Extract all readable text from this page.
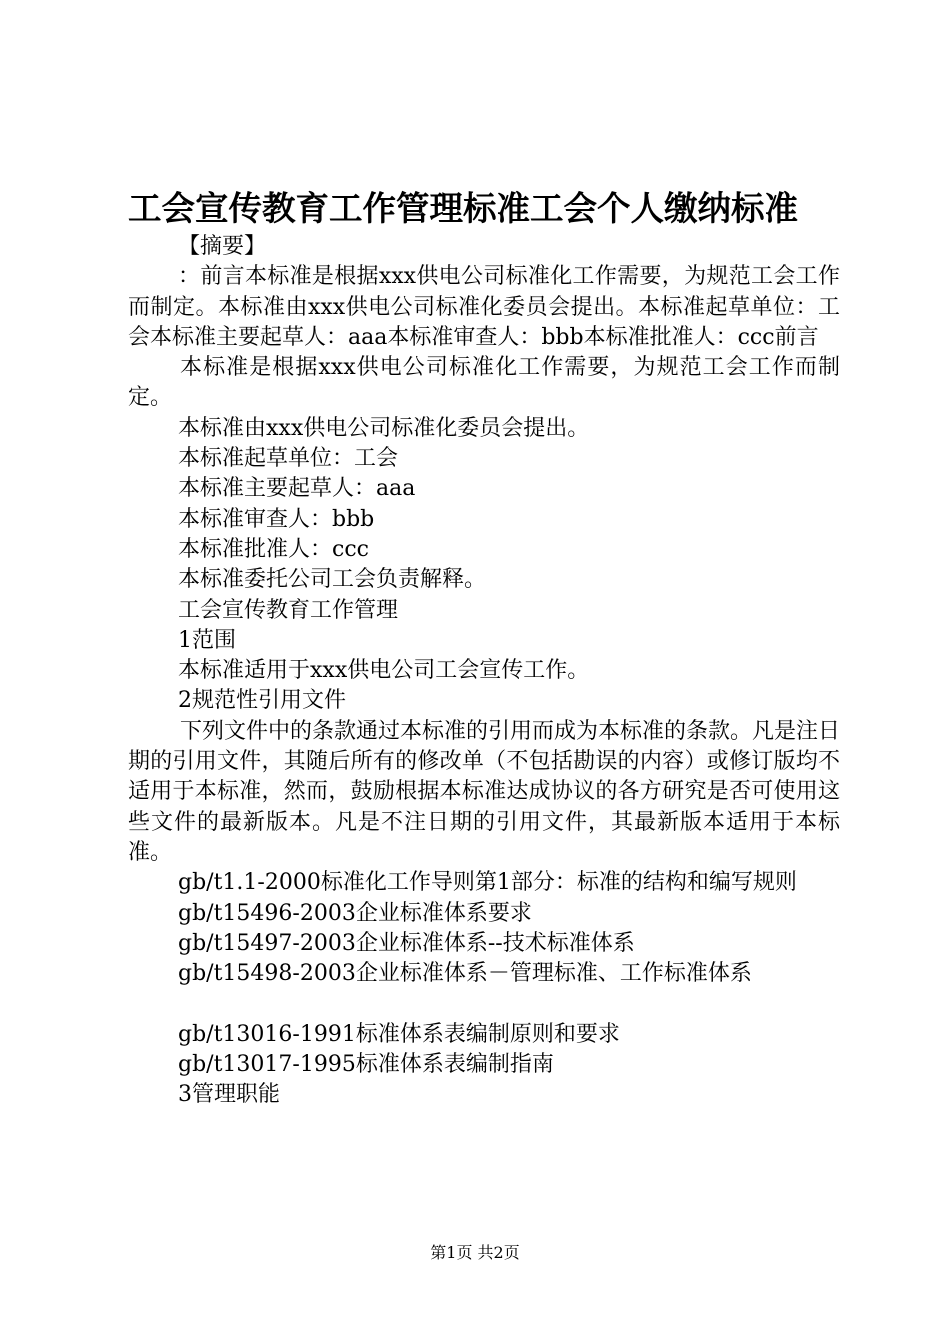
工会宣传教育工作管理标准工会个人缴纳标准

【摘要】

：前言本标准是根据xxx供电公司标准化工作需要，为规范工会工作而制定。本标准由xxx供电公司标准化委员会提出。本标准起草单位：工会本标准主要起草人：aaa本标准审查人：bbb本标准批准人：ccc前言

本标准是根据xxx供电公司标准化工作需要，为规范工会工作而制定。

本标准由xxx供电公司标准化委员会提出。

本标准起草单位：工会

本标准主要起草人：aaa

本标准审查人：bbb

本标准批准人：ccc

本标准委托公司工会负责解释。

工会宣传教育工作管理

1范围

本标准适用于xxx供电公司工会宣传工作。

2规范性引用文件

下列文件中的条款通过本标准的引用而成为本标准的条款。凡是注日期的引用文件，其随后所有的修改单（不包括勘误的内容）或修订版均不适用于本标准，然而，鼓励根据本标准达成协议的各方研究是否可使用这些文件的最新版本。凡是不注日期的引用文件，其最新版本适用于本标准。

gb/t1.1-2000标准化工作导则第1部分：标准的结构和编写规则

gb/t15496-2003企业标准体系要求

gb/t15497-2003企业标准体系--技术标准体系

gb/t15498-2003企业标准体系－管理标准、工作标准体系

gb/t13016-1991标准体系表编制原则和要求

gb/t13017-1995标准体系表编制指南

3管理职能

第1页 共2页
